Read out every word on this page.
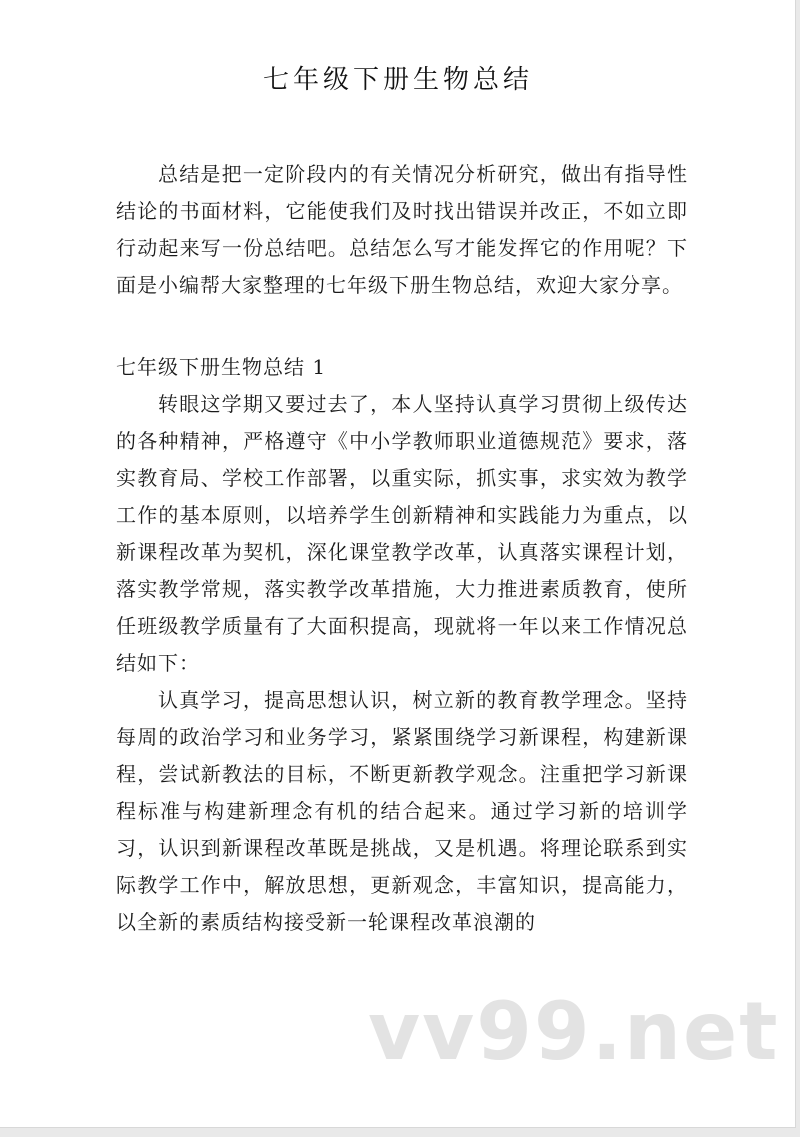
七年级下册生物总结

总结是把一定阶段内的有关情况分析研究，做出有指导性结论的书面材料，它能使我们及时找出错误并改正，不如立即行动起来写一份总结吧。总结怎么写才能发挥它的作用呢？下面是小编帮大家整理的七年级下册生物总结，欢迎大家分享。

七年级下册生物总结 1

转眼这学期又要过去了，本人坚持认真学习贯彻上级传达的各种精神，严格遵守《中小学教师职业道德规范》要求，落实教育局、学校工作部署，以重实际，抓实事，求实效为教学工作的基本原则，以培养学生创新精神和实践能力为重点，以新课程改革为契机，深化课堂教学改革，认真落实课程计划，落实教学常规，落实教学改革措施，大力推进素质教育，使所任班级教学质量有了大面积提高，现就将一年以来工作情况总结如下：

认真学习，提高思想认识，树立新的教育教学理念。坚持每周的政治学习和业务学习，紧紧围绕学习新课程，构建新课程，尝试新教法的目标，不断更新教学观念。注重把学习新课程标准与构建新理念有机的结合起来。通过学习新的培训学习，认识到新课程改革既是挑战，又是机遇。将理论联系到实际教学工作中，解放思想，更新观念，丰富知识，提高能力，以全新的素质结构接受新一轮课程改革浪潮的

vv99.net
